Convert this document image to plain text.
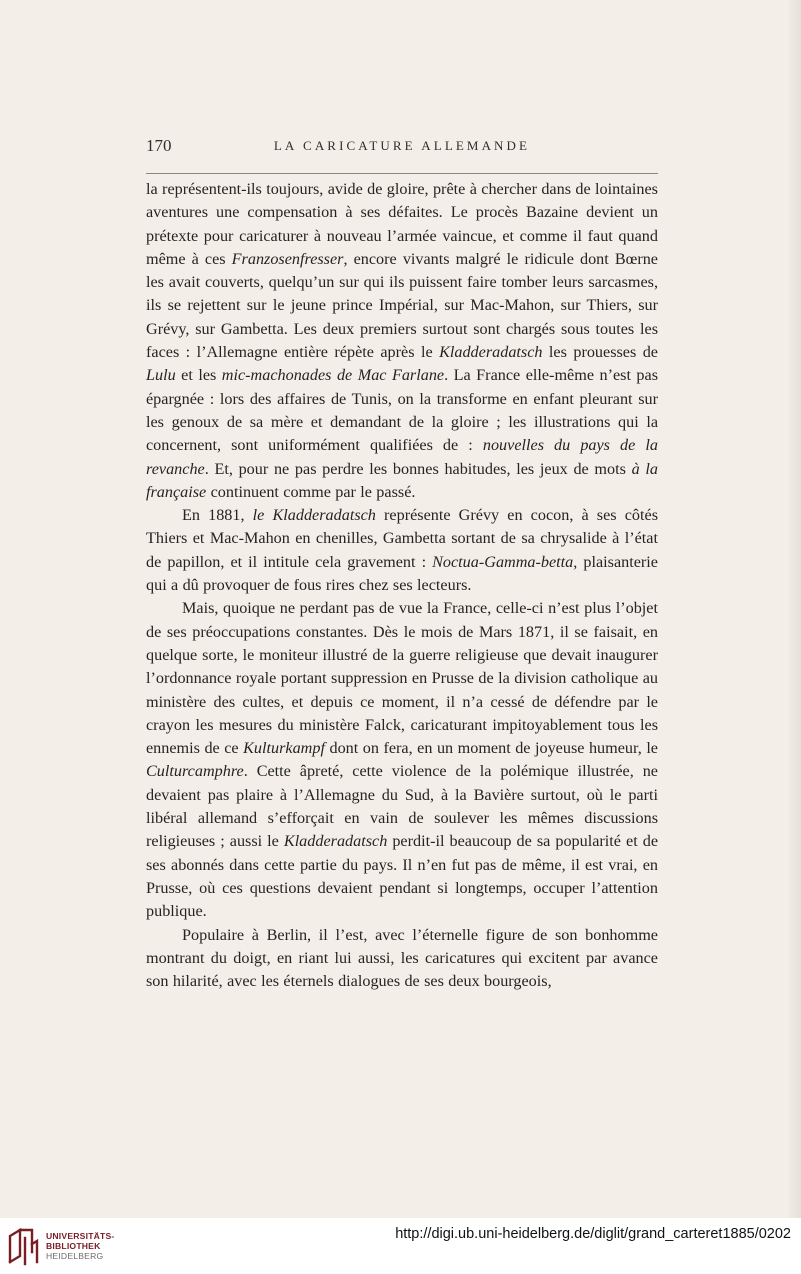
170	LA CARICATURE ALLEMANDE

la représentent-ils toujours, avide de gloire, prête à chercher dans de lointaines aventures une compensation à ses défaites. Le procès Bazaine devient un prétexte pour caricaturer à nouveau l’armée vaincue, et comme il faut quand même à ces Franzosenfresser, encore vivants malgré le ridicule dont Bœrne les avait couverts, quelqu’un sur qui ils puissent faire tomber leurs sarcasmes, ils se rejettent sur le jeune prince Impérial, sur Mac-Mahon, sur Thiers, sur Grévy, sur Gambetta. Les deux premiers surtout sont chargés sous toutes les faces : l’Allemagne entière répète après le Kladderadatsch les prouesses de Lulu et les mic-machonades de Mac Farlane. La France elle-même n’est pas épargnée : lors des affaires de Tunis, on la transforme en enfant pleurant sur les genoux de sa mère et demandant de la gloire ; les illustrations qui la concernent, sont uniformément qualifiées de : nouvelles du pays de la revanche. Et, pour ne pas perdre les bonnes habitudes, les jeux de mots à la française continuent comme par le passé.

En 1881, le Kladderadatsch représente Grévy en cocon, à ses côtés Thiers et Mac-Mahon en chenilles, Gambetta sortant de sa chrysalide à l’état de papillon, et il intitule cela gravement : Noctua-Gamma-betta, plaisanterie qui a dû provoquer de fous rires chez ses lecteurs.

Mais, quoique ne perdant pas de vue la France, celle-ci n’est plus l’objet de ses préoccupations constantes. Dès le mois de Mars 1871, il se faisait, en quelque sorte, le moniteur illustré de la guerre religieuse que devait inaugurer l’ordonnance royale portant suppression en Prusse de la division catholique au ministère des cultes, et depuis ce moment, il n’a cessé de défendre par le crayon les mesures du ministère Falck, caricaturant impitoyablement tous les ennemis de ce Kulturkampf dont on fera, en un moment de joyeuse humeur, le Culturcamphre. Cette âpreté, cette violence de la polémique illustrée, ne devaient pas plaire à l’Allemagne du Sud, à la Bavière surtout, où le parti libéral allemand s’efforçait en vain de soulever les mêmes discussions religieuses ; aussi le Kladderadatsch perdit-il beaucoup de sa popularité et de ses abonnés dans cette partie du pays. Il n’en fut pas de même, il est vrai, en Prusse, où ces questions devaient pendant si longtemps, occuper l’attention publique.

Populaire à Berlin, il l’est, avec l’éternelle figure de son bonhomme montrant du doigt, en riant lui aussi, les caricatures qui excitent par avance son hilarité, avec les éternels dialogues de ses deux bourgeois,

UNIVERSITÄTS-
BIBLIOTHEK
HEIDELBERG
http://digi.ub.uni-heidelberg.de/diglit/grand_carteret1885/0202
